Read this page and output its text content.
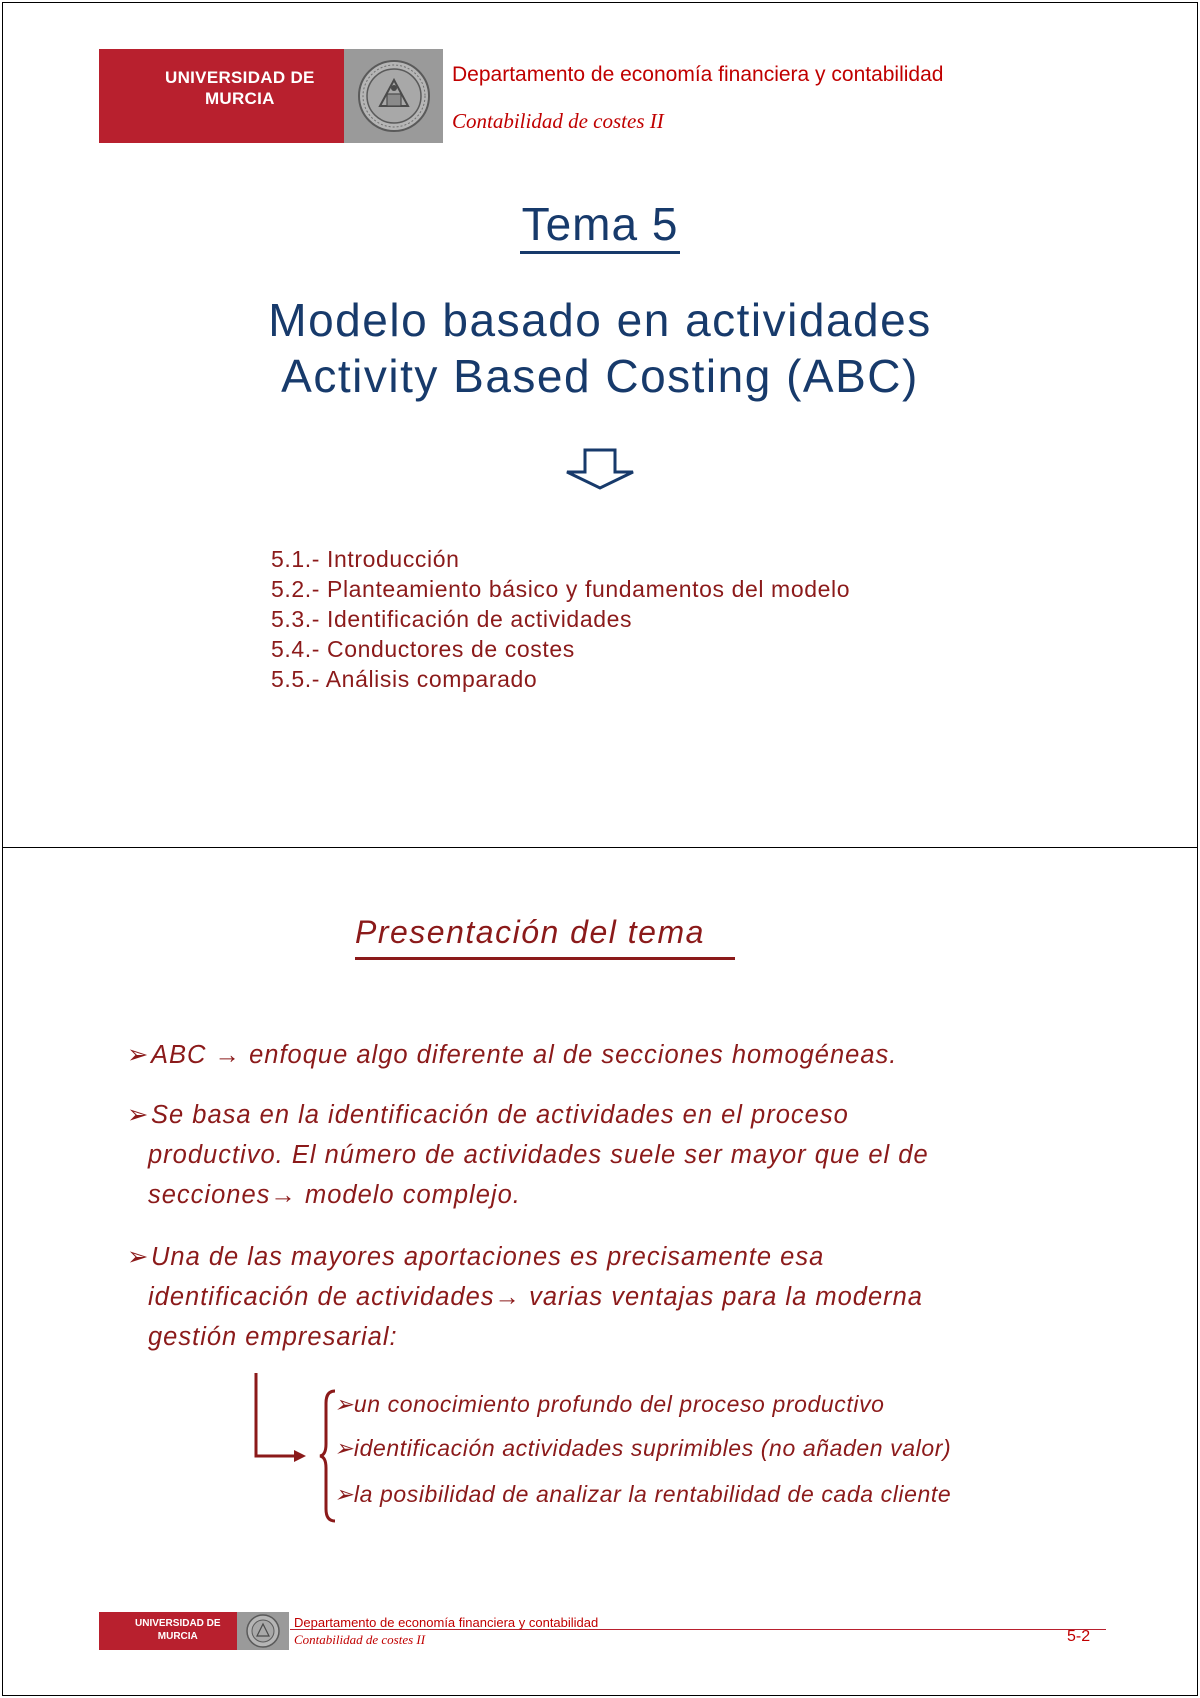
UNIVERSIDAD DE
MURCIA
Departamento de economía financiera y contabilidad
Contabilidad de costes II
Tema 5
Modelo basado en actividades
Activity Based Costing (ABC)
5.1.- Introducción
5.2.- Planteamiento básico y fundamentos del modelo
5.3.- Identificación de actividades
5.4.- Conductores de costes
5.5.- Análisis comparado
Presentación del tema
➢ABC → enfoque algo diferente al de secciones homogéneas.
➢Se basa en la identificación de actividades en el proceso
productivo. El número de actividades suele ser mayor que el de
secciones→ modelo complejo.
➢Una de las mayores aportaciones es precisamente esa
identificación de actividades→ varias ventajas para la moderna
gestión empresarial:
➢un conocimiento profundo del proceso productivo
➢identificación actividades suprimibles (no añaden valor)
➢la posibilidad de analizar la rentabilidad de cada cliente
UNIVERSIDAD DE
MURCIA
Departamento de economía financiera y contabilidad
Contabilidad de costes II	5-2
